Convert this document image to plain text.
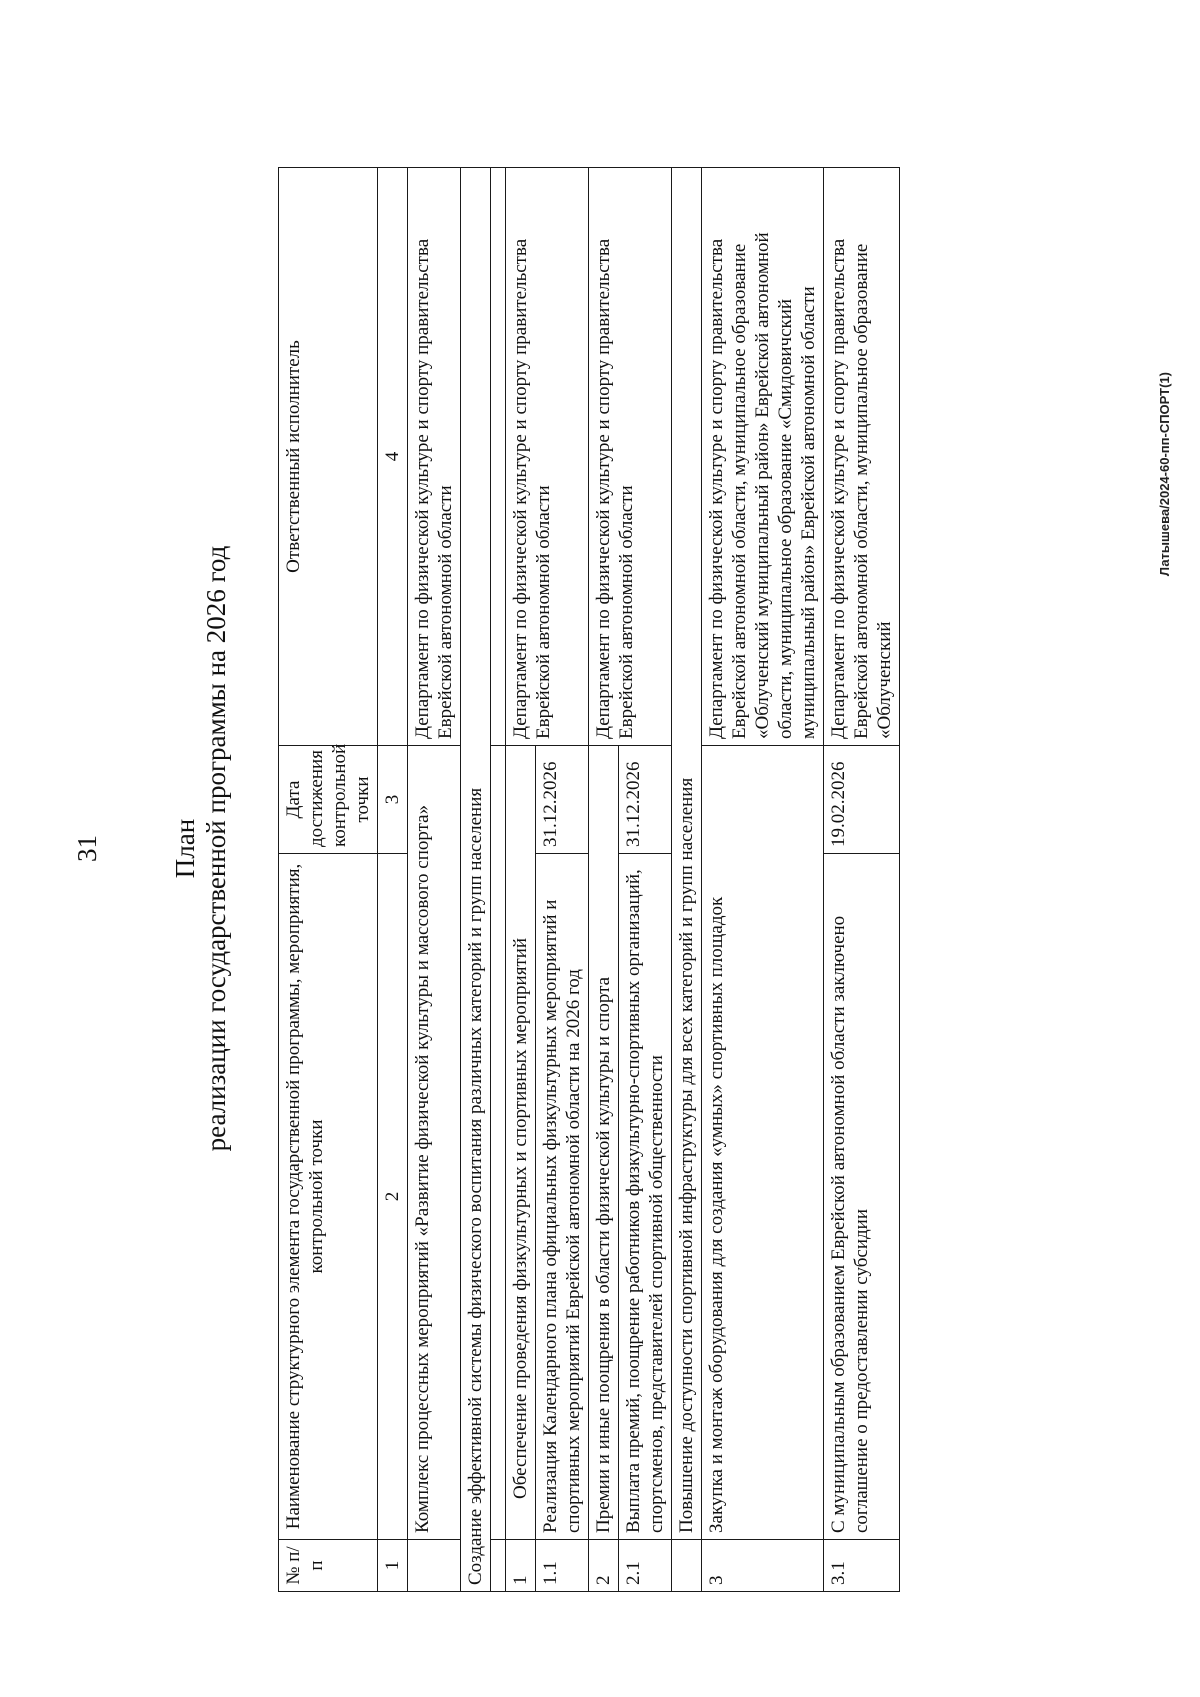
31	План реализации государственной программы на 2026 год
№ п/п	Наименование структурного элемента государственной программы, мероприятия, контрольной точки	Дата достижения контрольной точки	Ответственный исполнитель
1	2	3	4
	Комплекс процессных мероприятий «Развитие физической культуры и массового спорта»		Департамент по физической культуре и спорту правительства Еврейской автономной области
Создание эффективной системы физического воспитания различных категорий и групп населения			

1	Обеспечение проведения физкультурных и спортивных мероприятий		Департамент по физической культуре и спорту правительства Еврейской автономной области
1.1	Реализация Календарного плана официальных физкультурных мероприятий и спортивных мероприятий Еврейской автономной области на 2026 год	31.12.2026	
2	Премии и иные поощрения в области физической культуры и спорта		Департамент по физической культуре и спорту правительства Еврейской автономной области
2.1	Выплата премий, поощрение работников физкультурно-спортивных организаций, спортсменов, представителей спортивной общественности	31.12.2026	
	Повышение доступности спортивной инфраструктуры для всех категорий и групп населения		
3	Закупка и монтаж оборудования для создания «умных» спортивных площадок		Департамент по физической культуре и спорту правительства Еврейской автономной области, муниципальное образование «Облученский муниципальный район» Еврейской автономной области, муниципальное образование «Смидовичский муниципальный район» Еврейской автономной области
3.1	С муниципальным образованием Еврейской автономной области заключено соглашение о предоставлении субсидии	19.02.2026	Департамент по физической культуре и спорту правительства Еврейской автономной области, муниципальное образование «Облученский
Латышева/2024-60-пп-СПОРТ(1)
